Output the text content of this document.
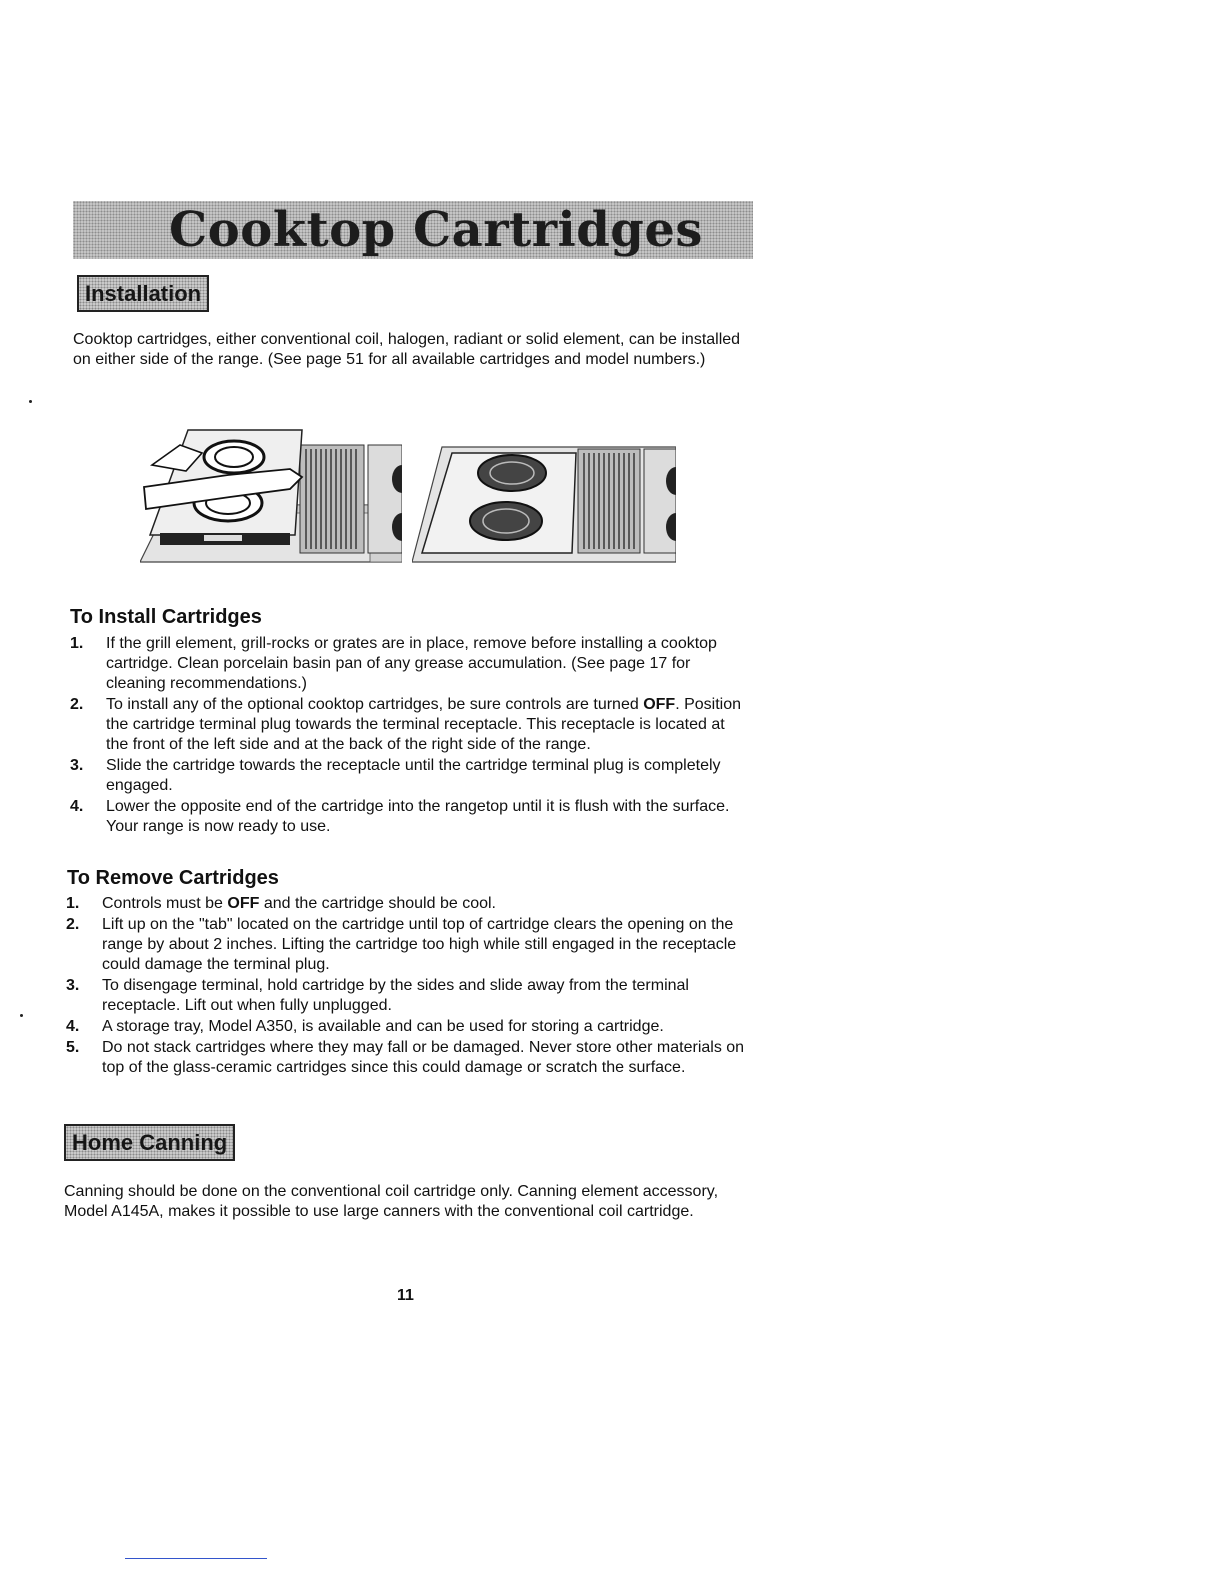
Cooktop Cartridges
Installation

Cooktop cartridges, either conventional coil, halogen, radiant or solid element, can be installed on either side of the range. (See page 51 for all available cartridges and model numbers.)

To Install Cartridges
1. If the grill element, grill-rocks or grates are in place, remove before installing a cooktop cartridge. Clean porcelain basin pan of any grease accumulation. (See page 17 for cleaning recommendations.)
2. To install any of the optional cooktop cartridges, be sure controls are turned OFF. Position the cartridge terminal plug towards the terminal receptacle. This receptacle is located at the front of the left side and at the back of the right side of the range.
3. Slide the cartridge towards the receptacle until the cartridge terminal plug is completely engaged.
4. Lower the opposite end of the cartridge into the rangetop until it is flush with the surface. Your range is now ready to use.
To Remove Cartridges
1. Controls must be OFF and the cartridge should be cool.
2. Lift up on the "tab" located on the cartridge until top of cartridge clears the opening on the range by about 2 inches. Lifting the cartridge too high while still engaged in the receptacle could damage the terminal plug.
3. To disengage terminal, hold cartridge by the sides and slide away from the terminal receptacle. Lift out when fully unplugged.
4. A storage tray, Model A350, is available and can be used for storing a cartridge.
5. Do not stack cartridges where they may fall or be damaged. Never store other materials on top of the glass-ceramic cartridges since this could damage or scratch the surface.
Home Canning

Canning should be done on the conventional coil cartridge only. Canning element accessory, Model A145A, makes it possible to use large canners with the conventional coil cartridge.

11
